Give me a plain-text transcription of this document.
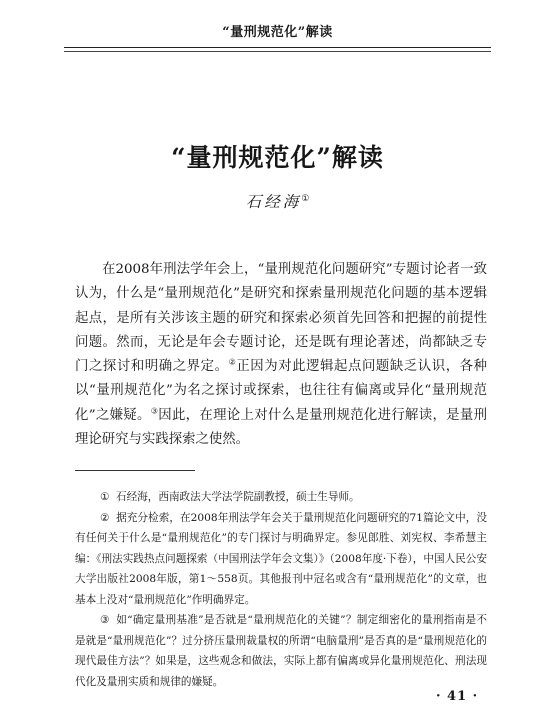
“量刑规范化”解读
“量刑规范化”解读
石经海①
在2008年刑法学年会上，“量刑规范化问题研究”专题讨论者一致认为，什么是“量刑规范化”是研究和探索量刑规范化问题的基本逻辑起点，是所有关涉该主题的研究和探索必须首先回答和把握的前提性问题。然而，无论是年会专题讨论，还是既有理论著述，尚都缺乏专门之探讨和明确之界定。②正因为对此逻辑起点问题缺乏认识，各种以“量刑规范化”为名之探讨或探索，也往往有偏离或异化“量刑规范化”之嫌疑。③因此，在理论上对什么是量刑规范化进行解读，是量刑理论研究与实践探索之使然。

① 石经海，西南政法大学法学院副教授，硕士生导师。

② 据充分检索，在2008年刑法学年会关于量刑规范化问题研究的71篇论文中，没有任何关于什么是“量刑规范化”的专门探讨与明确界定。参见郎胜、刘宪权、李希慧主编：《刑法实践热点问题探索（中国刑法学年会文集）》（2008年度·下卷），中国人民公安大学出版社2008年版，第1～558页。其他报刊中冠名或含有“量刑规范化”的文章，也基本上没对“量刑规范化”作明确界定。

③ 如“确定量刑基准”是否就是“量刑规范化的关键”？制定细密化的量刑指南是不是就是“量刑规范化”？过分挤压量刑裁量权的所谓“电脑量刑”是否真的是“量刑规范化的现代最佳方法”？如果是，这些观念和做法，实际上都有偏离或异化量刑规范化、刑法现代化及量刑实质和规律的嫌疑。

· 41 ·
